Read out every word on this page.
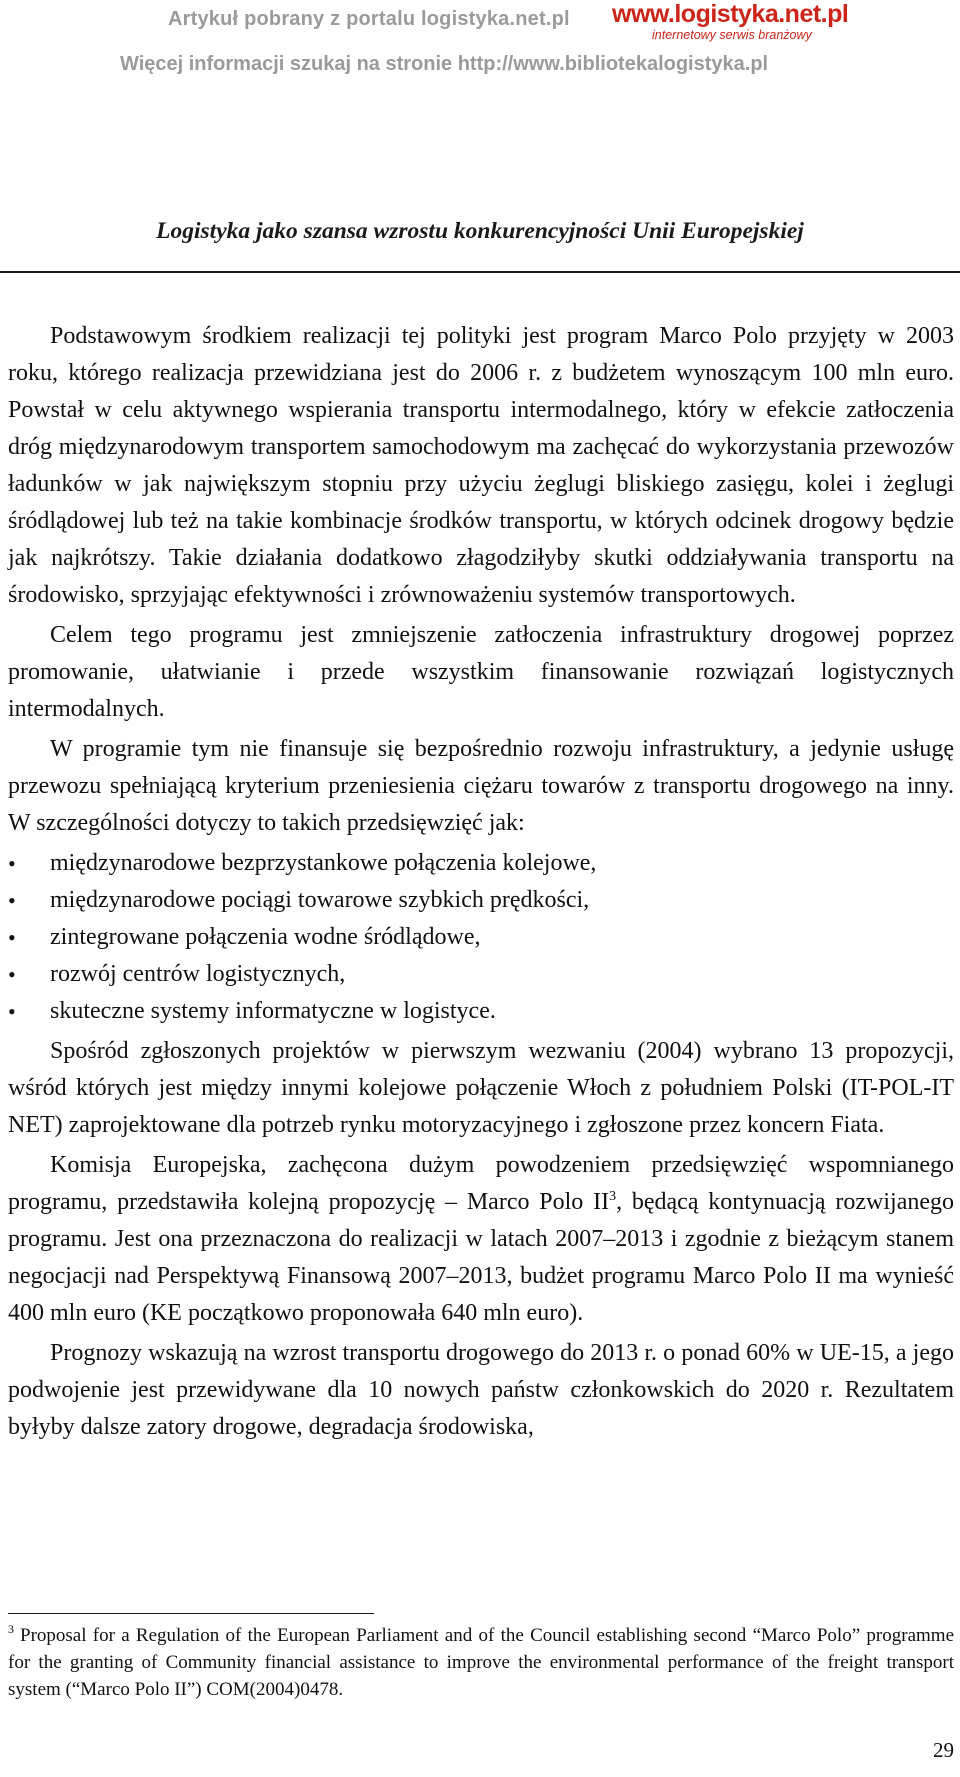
Artykuł pobrany z portalu logistyka.net.pl www.logistyka.net.pl
internetowy serwis branżowy
Więcej informacji szukaj na stronie http://www.bibliotekalogistyka.pl
Logistyka jako szansa wzrostu konkurencyjności Unii Europejskiej

Podstawowym środkiem realizacji tej polityki jest program Marco Polo przyjęty w 2003 roku, którego realizacja przewidziana jest do 2006 r. z budżetem wynoszącym 100 mln euro. Powstał w celu aktywnego wspierania transportu intermodalnego, który w efekcie zatłoczenia dróg międzynarodowym transportem samochodowym ma zachęcać do wykorzystania przewozów ładunków w jak największym stopniu przy użyciu żeglugi bliskiego zasięgu, kolei i żeglugi śródlądowej lub też na takie kombinacje środków transportu, w których odcinek drogowy będzie jak najkrótszy. Takie działania dodatkowo złagodziłyby skutki oddziaływania transportu na środowisko, sprzyjając efektywności i zrównoważeniu systemów transportowych.

Celem tego programu jest zmniejszenie zatłoczenia infrastruktury drogowej poprzez promowanie, ułatwianie i przede wszystkim finansowanie rozwiązań logistycznych intermodalnych.

W programie tym nie finansuje się bezpośrednio rozwoju infrastruktury, a jedynie usługę przewozu spełniającą kryterium przeniesienia ciężaru towarów z transportu drogowego na inny. W szczególności dotyczy to takich przedsięwzięć jak:

• międzynarodowe bezprzystankowe połączenia kolejowe,
• międzynarodowe pociągi towarowe szybkich prędkości,
• zintegrowane połączenia wodne śródlądowe,
• rozwój centrów logistycznych,
• skuteczne systemy informatyczne w logistyce.

Spośród zgłoszonych projektów w pierwszym wezwaniu (2004) wybrano 13 propozycji, wśród których jest między innymi kolejowe połączenie Włoch z południem Polski (IT-POL-IT NET) zaprojektowane dla potrzeb rynku motoryzacyjnego i zgłoszone przez koncern Fiata.

Komisja Europejska, zachęcona dużym powodzeniem przedsięwzięć wspomnianego programu, przedstawiła kolejną propozycję – Marco Polo $II^3$, będącą kontynuacją rozwijanego programu. Jest ona przeznaczona do realizacji w latach 2007–2013 i zgodnie z bieżącym stanem negocjacji nad Perspektywą Finansową 2007–2013, budżet programu Marco Polo II ma wynieść 400 mln euro (KE początkowo proponowała 640 mln euro).

Prognozy wskazują na wzrost transportu drogowego do 2013 r. o ponad 60% w UE-15, a jego podwojenie jest przewidywane dla 10 nowych państw członkowskich do 2020 r. Rezultatem byłyby dalsze zatory drogowe, degradacja środowiska,

$^3$ Proposal for a Regulation of the European Parliament and of the Council establishing second “Marco Polo” programme for the granting of Community financial assistance to improve the environmental performance of the freight transport system (“Marco Polo II”) COM(2004)0478.
29
